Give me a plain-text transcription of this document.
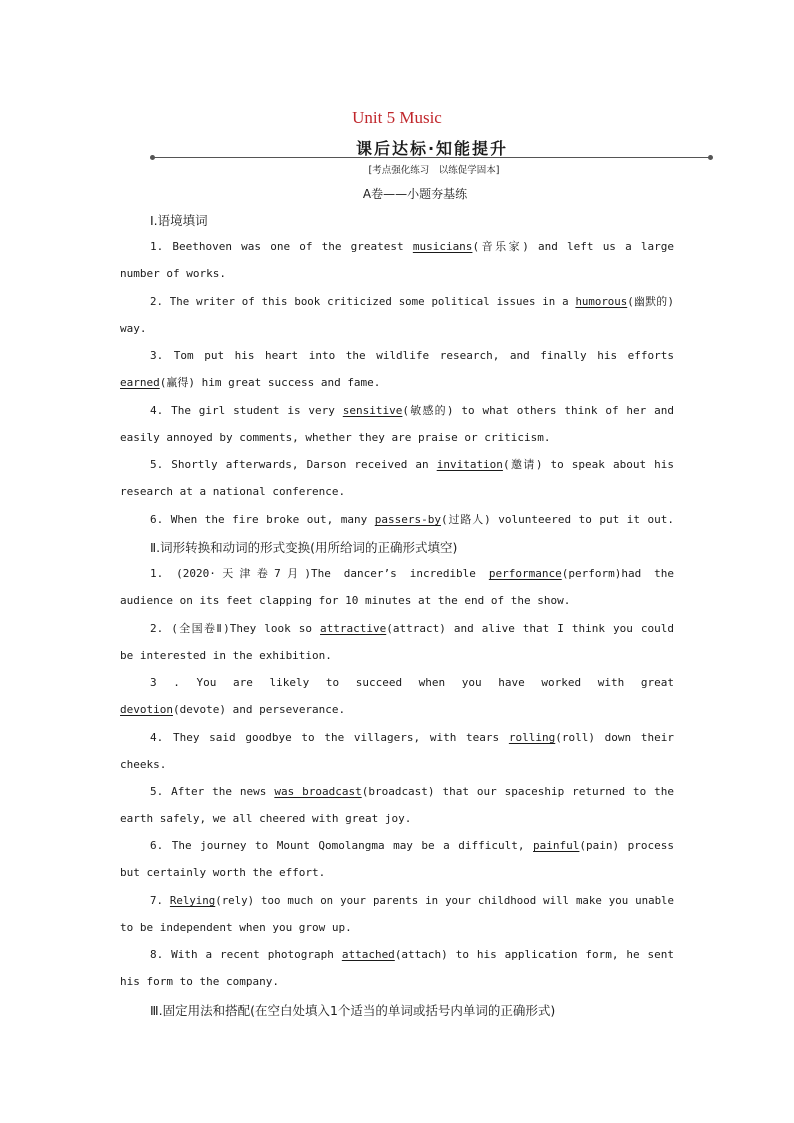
Unit 5 Music
课后达标·知能提升
[考点强化练习　以练促学固本]
A卷——小题夯基练
Ⅰ.语境填词
1. Beethoven was one of the greatest musicians(音乐家) and left us a large
number of works.
2. The writer of this book criticized some political issues in a humorous(幽默的)
way.
3. Tom put his heart into the wildlife research, and finally his efforts
earned(赢得) him great success and fame.
4. The girl student is very sensitive(敏感的) to what others think of her and
easily annoyed by comments, whether they are praise or criticism.
5. Shortly afterwards, Darson received an invitation(邀请) to speak about his
research at a national conference.
6. When the fire broke out, many passers-by(过路人) volunteered to put it out.
Ⅱ.词形转换和动词的形式变换(用所给词的正确形式填空)
1. (2020·天津卷7月)The dancer’s incredible performance(perform)had the
audience on its feet clapping for 10 minutes at the end of the show.
2. (全国卷Ⅱ)They look so attractive(attract) and alive that I think you could
be interested in the exhibition.
3 . You are likely to succeed when you have worked with great
devotion(devote) and perseverance.
4. They said goodbye to the villagers, with tears rolling(roll) down their
cheeks.
5. After the news was broadcast(broadcast) that our spaceship returned to the
earth safely, we all cheered with great joy.
6. The journey to Mount Qomolangma may be a difficult, painful(pain) process
but certainly worth the effort.
7. Relying(rely) too much on your parents in your childhood will make you unable
to be independent when you grow up.
8. With a recent photograph attached(attach) to his application form, he sent
his form to the company.
Ⅲ.固定用法和搭配(在空白处填入1个适当的单词或括号内单词的正确形式)
